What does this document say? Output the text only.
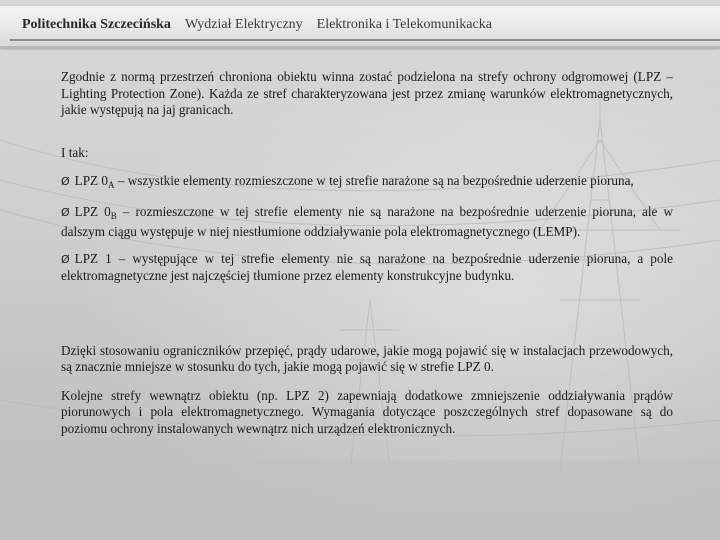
Politechnika Szczecińska Wydział Elektryczny Elektronika i Telekomunikacka

Zgodnie z normą przestrzeń chroniona obiektu winna zostać podzielona na strefy ochrony odgromowej (LPZ – Lighting Protection Zone). Każda ze stref charakteryzowana jest przez zmianę warunków elektromagnetycznych, jakie występują na jaj granicach.

I tak:

Ø LPZ $0_A$ – wszystkie elementy rozmieszczone w tej strefie narażone są na bezpośrednie uderzenie pioruna,

Ø LPZ $0_B$ – rozmieszczone w tej strefie elementy nie są narażone na bezpośrednie uderzenie pioruna, ale w dalszym ciągu występuje w niej niestłumione oddziaływanie pola elektromagnetycznego (LEMP).

Ø LPZ 1 – występujące w tej strefie elementy nie są narażone na bezpośrednie uderzenie pioruna, a pole elektromagnetyczne jest najczęściej tłumione przez elementy konstrukcyjne budynku.

Dzięki stosowaniu ograniczników przepięć, prądy udarowe, jakie mogą pojawić się w instalacjach przewodowych, są znacznie mniejsze w stosunku do tych, jakie mogą pojawić się w strefie LPZ 0.

Kolejne strefy wewnątrz obiektu (np. LPZ 2) zapewniają dodatkowe zmniejszenie oddziaływania prądów piorunowych i pola elektromagnetycznego. Wymagania dotyczące poszczególnych stref dopasowane są do poziomu ochrony instalowanych wewnątrz nich urządzeń elektronicznych.
